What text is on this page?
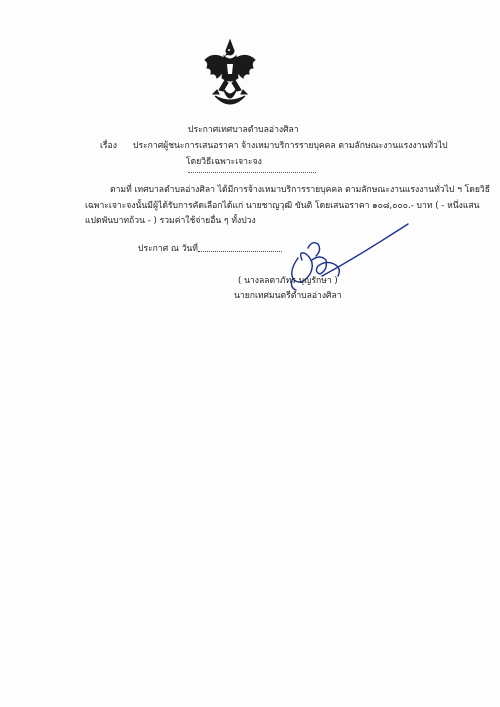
ประกาศเทศบาลตำบลอ่างศิลา
เรื่อง ประกาศผู้ชนะการเสนอราคา จ้างเหมาบริการรายบุคคล ตามลักษณะงานแรงงานทั่วไป
โดยวิธีเฉพาะเจาะจง
ตามที่ เทศบาลตำบลอ่างศิลา ได้มีการจ้างเหมาบริการรายบุคคล ตามลักษณะงานแรงงานทั่วไป ฯ โดยวิธี
เฉพาะเจาะจงนั้นมีผู้ได้รับการคัดเลือกได้แก่ นายชาญวุฒิ ขันติ โดยเสนอราคา ๑๐๘,๐๐๐.- บาท ( - หนึ่งแสน
แปดพันบาทถ้วน - ) รวมค่าใช้จ่ายอื่น ๆ ทั้งปวง
ประกาศ ณ วันที่
( นางลลตาภัทร บุญรักษา )
นายกเทศมนตรีตำบลอ่างศิลา
